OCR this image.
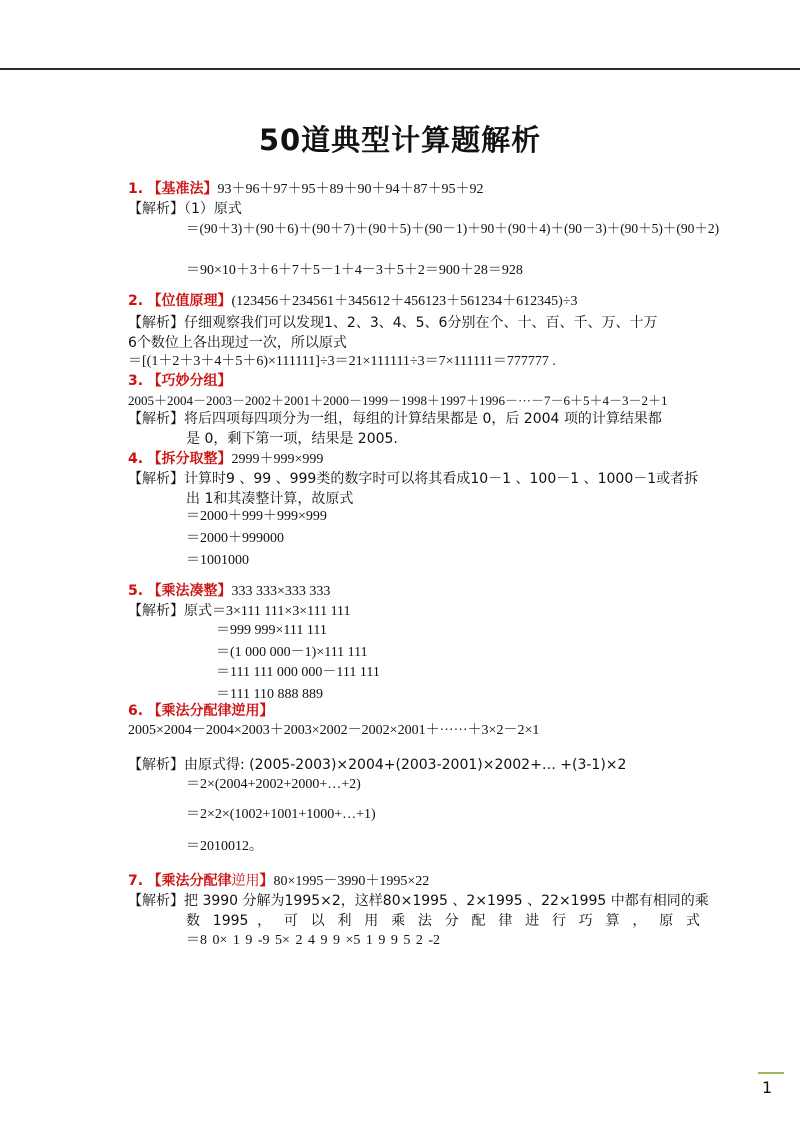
50道典型计算题解析
1. 【基准法】93＋96＋97＋95＋89＋90＋94＋87＋95＋92
【解析】（1）原式
＝(90＋3)＋(90＋6)＋(90＋7)＋(90＋5)＋(90－1)＋90＋(90＋4)＋(90－3)＋(90＋5)＋(90＋2)
＝90×10＋3＋6＋7＋5－1＋4－3＋5＋2＝900＋28＝928
2. 【位值原理】(123456＋234561＋345612＋456123＋561234＋612345)÷3
【解析】仔细观察我们可以发现1、2、3、4、5、6分别在个、十、百、千、万、十万
6个数位上各出现过一次，所以原式
＝[(1＋2＋3＋4＋5＋6)×111111]÷3＝21×111111÷3＝7×111111＝777777 .
3. 【巧妙分组】
2005＋2004－2003－2002＋2001＋2000－1999－1998＋1997＋1996－···－7－6＋5＋4－3－2＋1
【解析】将后四项每四项分为一组，每组的计算结果都是 0，后 2004 项的计算结果都
是 0，剩下第一项，结果是 2005.
4. 【拆分取整】2999＋999×999
【解析】计算时9 、99 、999类的数字时可以将其看成10－1 、100－1 、1000－1或者拆
出 1和其凑整计算，故原式
＝2000＋999＋999×999
＝2000＋999000
＝1001000
5. 【乘法凑整】333 333×333 333
【解析】原式＝3×111 111×3×111 111
＝999 999×111 111
＝(1 000 000－1)×111 111
＝111 111 000 000－111 111
＝111 110 888 889
6. 【乘法分配律逆用】
2005×2004－2004×2003＋2003×2002－2002×2001＋······＋3×2－2×1
【解析】由原式得: (2005-2003)×2004+(2003-2001)×2002+… +(3-1)×2
＝2×(2004+2002+2000+…+2)
＝2×2×(1002+1001+1000+…+1)
＝2010012。
7. 【乘法分配律逆用】80×1995－3990＋1995×22
【解析】把 3990 分解为1995×2，这样80×1995 、2×1995 、22×1995 中都有相同的乘
数 1995 ， 可 以 利 用 乘 法 分 配 律 进 行 巧 算 ， 原 式
＝8 0× 1 9 -9 5× 2 4 9 9 ×5 1 9 9 5 2 -2
1
